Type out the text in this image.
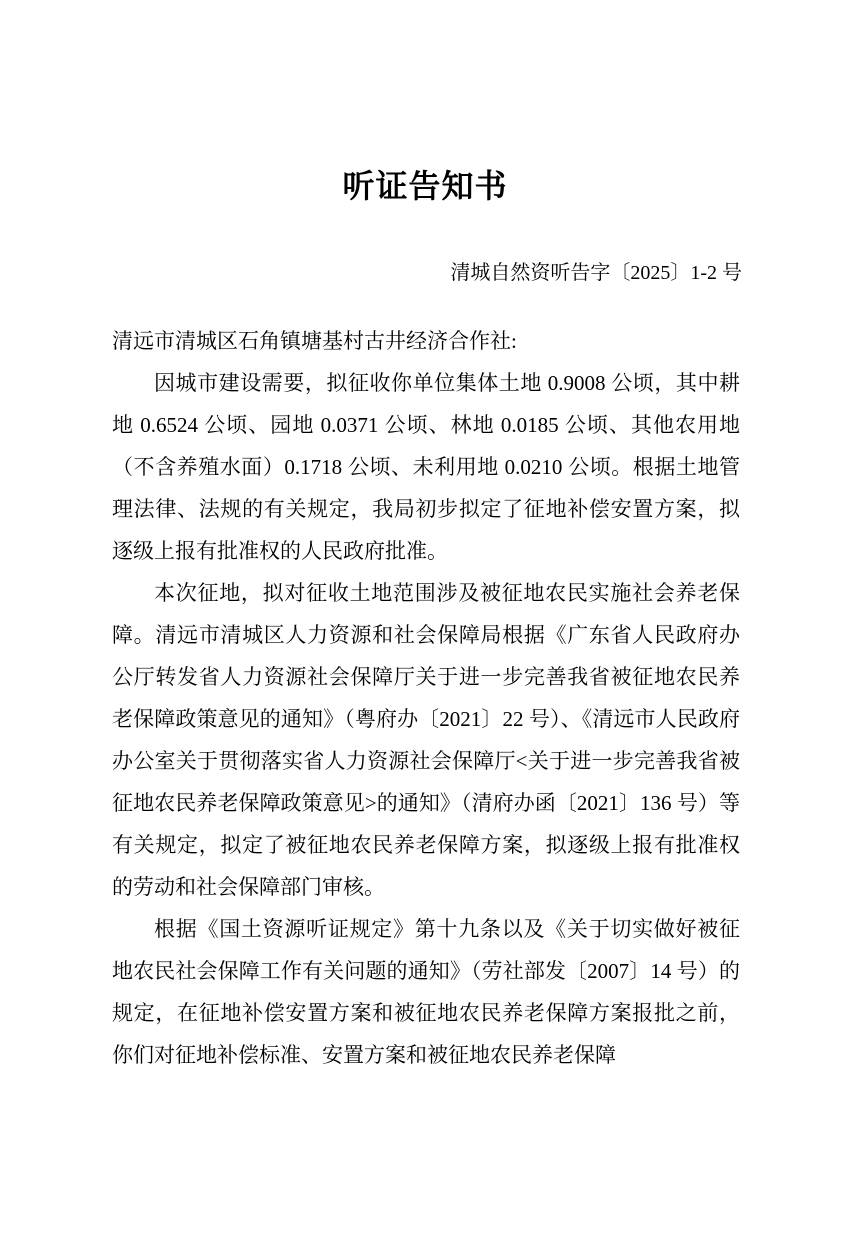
听证告知书
清城自然资听告字〔2025〕1-2 号
清远市清城区石角镇塘基村古井经济合作社:

因城市建设需要，拟征收你单位集体土地 0.9008 公顷，其中耕地 0.6524 公顷、园地 0.0371 公顷、林地 0.0185 公顷、其他农用地（不含养殖水面）0.1718 公顷、未利用地 0.0210 公顷。根据土地管理法律、法规的有关规定，我局初步拟定了征地补偿安置方案，拟逐级上报有批准权的人民政府批准。

本次征地，拟对征收土地范围涉及被征地农民实施社会养老保障。清远市清城区人力资源和社会保障局根据《广东省人民政府办公厅转发省人力资源社会保障厅关于进一步完善我省被征地农民养老保障政策意见的通知》（粤府办〔2021〕22 号）、《清远市人民政府办公室关于贯彻落实省人力资源社会保障厅<关于进一步完善我省被征地农民养老保障政策意见>的通知》（清府办函〔2021〕136 号）等有关规定，拟定了被征地农民养老保障方案，拟逐级上报有批准权的劳动和社会保障部门审核。

根据《国土资源听证规定》第十九条以及《关于切实做好被征地农民社会保障工作有关问题的通知》（劳社部发〔2007〕14 号）的规定，在征地补偿安置方案和被征地农民养老保障方案报批之前，你们对征地补偿标准、安置方案和被征地农民养老保障
